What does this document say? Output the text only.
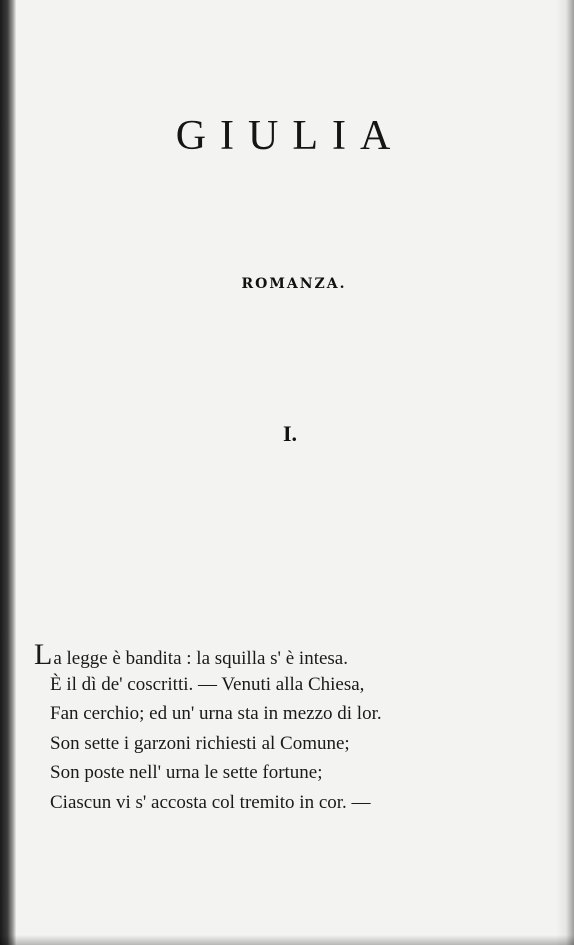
GIULIA
ROMANZA.
I.
La legge è bandita : la squilla s' è intesa.
È il dì de' coscritti. — Venuti alla Chiesa,
Fan cerchio; ed un' urna sta in mezzo di lor.
Son sette i garzoni richiesti al Comune;
Son poste nell' urna le sette fortune;
Ciascun vi s' accosta col tremito in cor. —
